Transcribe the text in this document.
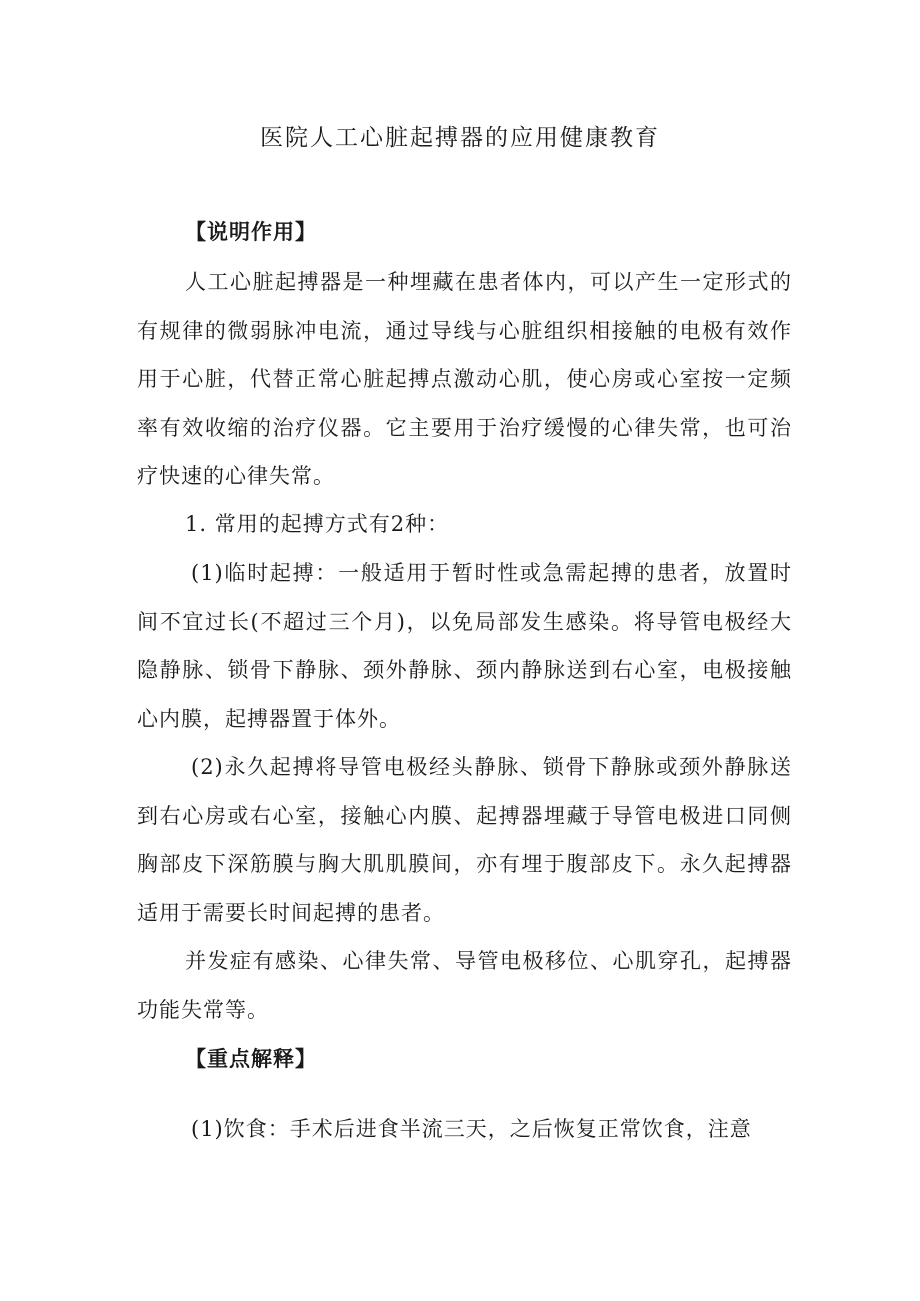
医院人工心脏起搏器的应用健康教育

【说明作用】

人工心脏起搏器是一种埋藏在患者体内，可以产生一定形式的有规律的微弱脉冲电流，通过导线与心脏组织相接触的电极有效作用于心脏，代替正常心脏起搏点激动心肌，使心房或心室按一定频率有效收缩的治疗仪器。它主要用于治疗缓慢的心律失常，也可治疗快速的心律失常。

1. 常用的起搏方式有2种：

(1)临时起搏：一般适用于暂时性或急需起搏的患者，放置时间不宜过长(不超过三个月)，以免局部发生感染。将导管电极经大隐静脉、锁骨下静脉、颈外静脉、颈内静脉送到右心室，电极接触心内膜，起搏器置于体外。

(2)永久起搏将导管电极经头静脉、锁骨下静脉或颈外静脉送到右心房或右心室，接触心内膜、起搏器埋藏于导管电极进口同侧胸部皮下深筋膜与胸大肌肌膜间，亦有埋于腹部皮下。永久起搏器适用于需要长时间起搏的患者。

并发症有感染、心律失常、导管电极移位、心肌穿孔，起搏器功能失常等。

【重点解释】

(1)饮食：手术后进食半流三天，之后恢复正常饮食，注意
